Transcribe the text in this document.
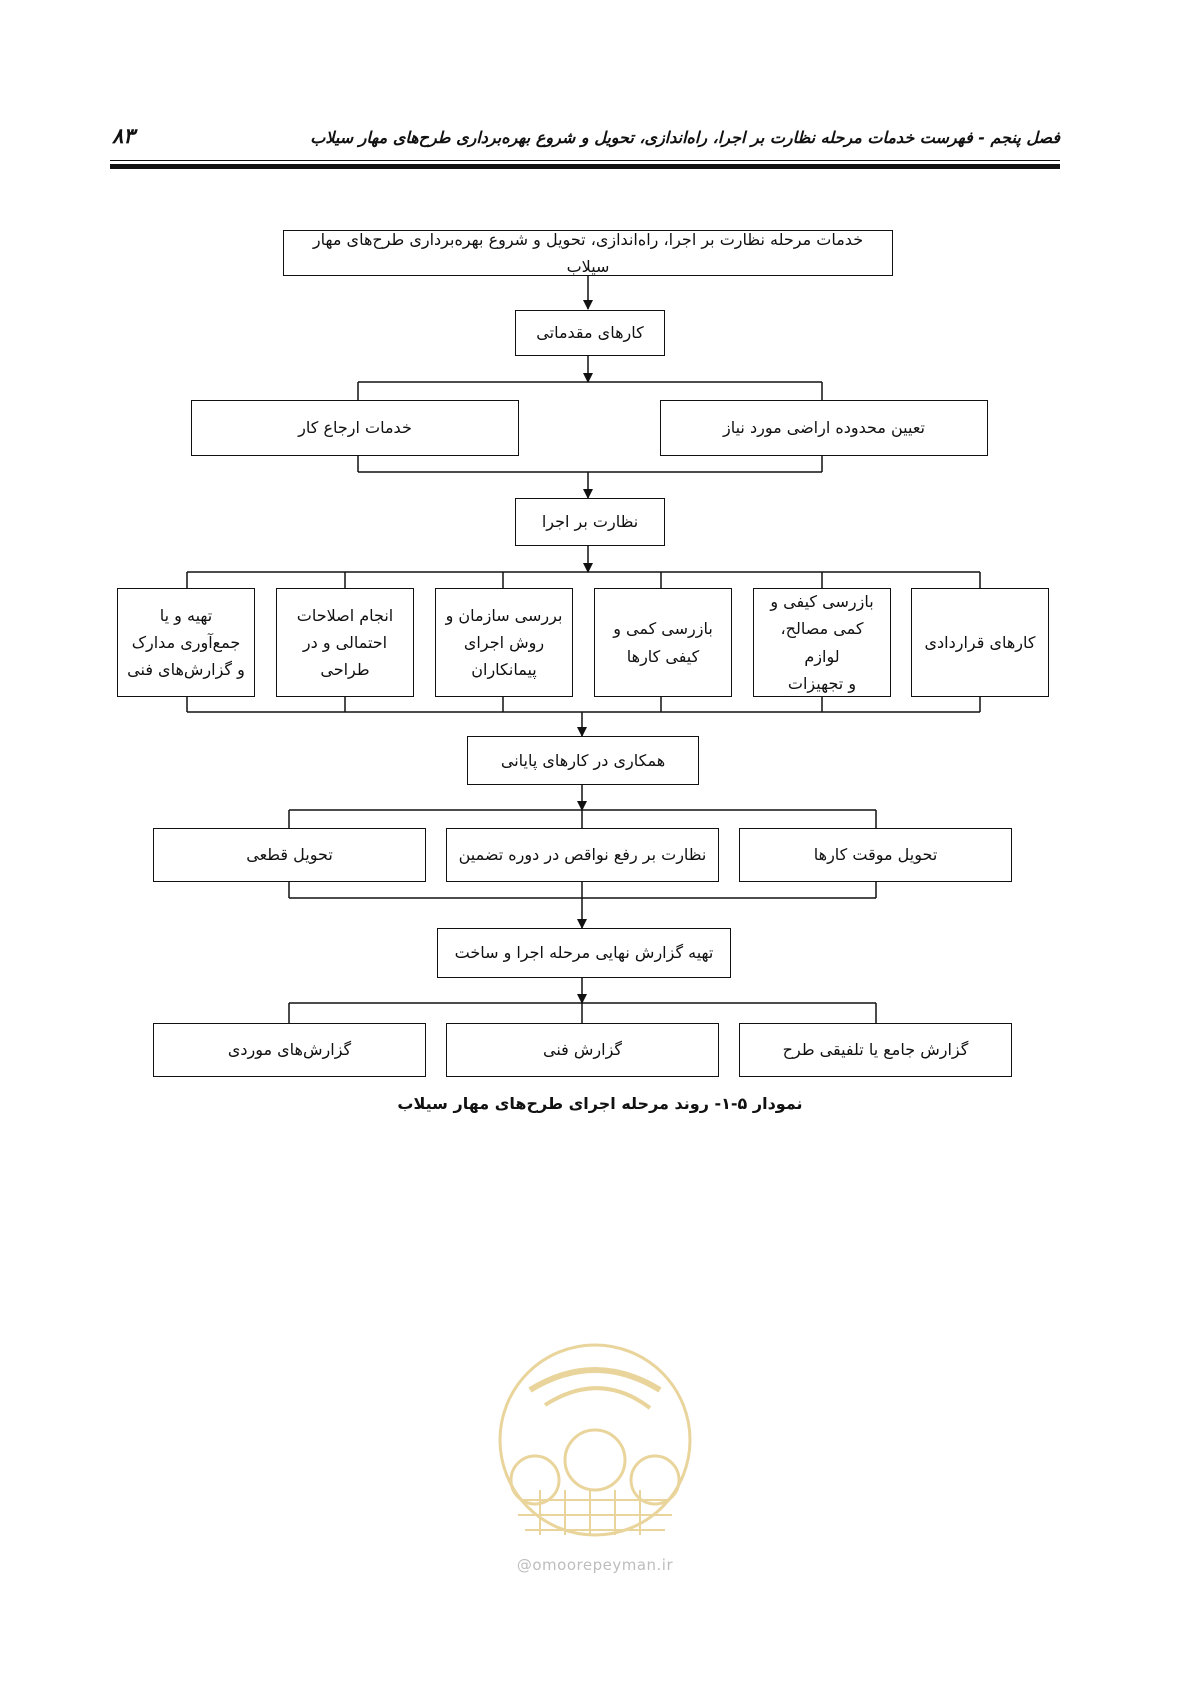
۸۳	فصل پنجم - فهرست خدمات مرحله نظارت بر اجرا، راه‌اندازی، تحویل و شروع بهره‌برداری طرح‌های مهار سیلاب
خدمات مرحله نظارت بر اجرا، راه‌اندازی، تحویل و شروع بهره‌برداری طرح‌های مهار سیلاب
کارهای مقدماتی
تعیین محدوده اراضی مورد نیاز
خدمات ارجاع کار
نظارت بر اجرا
کارهای قراردادی
بازرسی کیفی و
کمی مصالح، لوازم
و تجهیزات
بازرسی کمی و
کیفی کارها
بررسی سازمان و
روش اجرای
پیمانکاران
انجام اصلاحات
احتمالی و در
طراحی
تهیه و یا
جمع‌آوری مدارک
و گزارش‌های فنی
همکاری در کارهای پایانی
تحویل موقت کارها
نظارت بر رفع نواقص در دوره تضمین
تحویل قطعی
تهیه گزارش نهایی مرحله اجرا و ساخت
گزارش جامع یا تلفیقی طرح
گزارش فنی
گزارش‌های موردی
نمودار ۵-۱- روند مرحله اجرای طرح‌های مهار سیلاب
@omoorepeyman.ir
